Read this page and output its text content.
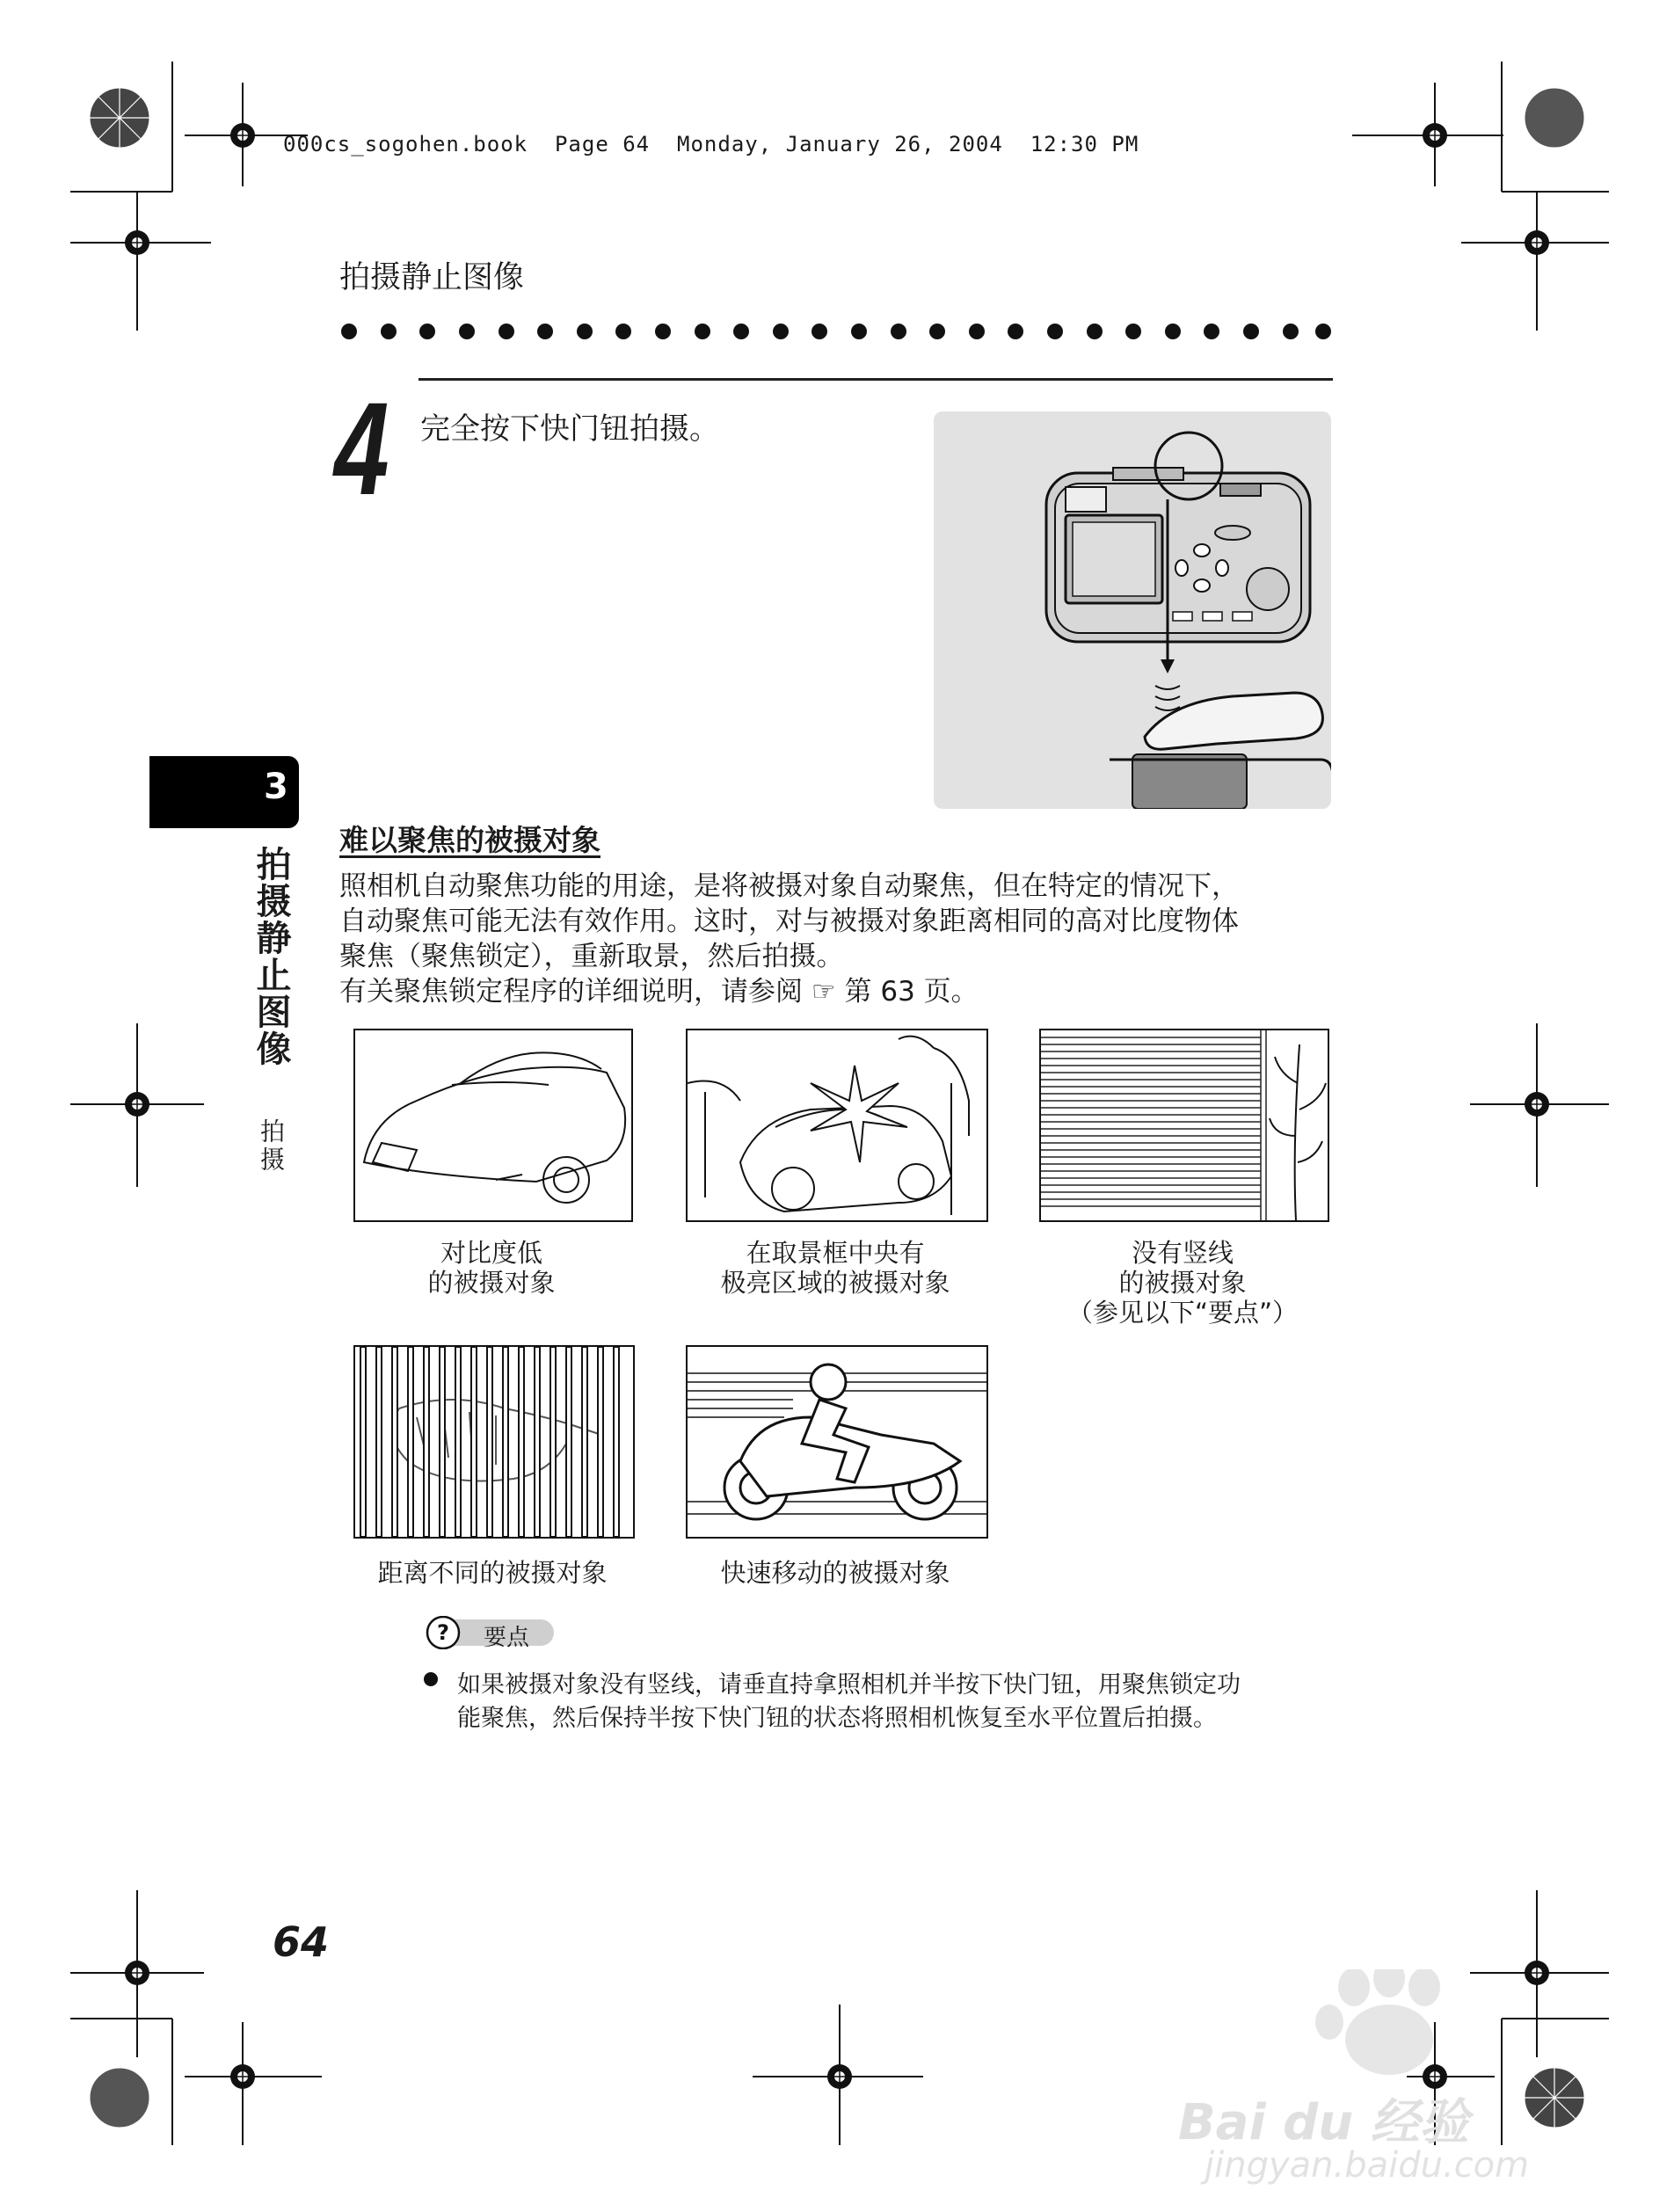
000cs_sogohen.book  Page 64  Monday, January 26, 2004  12:30 PM
拍摄静止图像
4 完全按下快门钮拍摄。
3
拍摄静止图像
拍摄
难以聚焦的被摄对象
照相机自动聚焦功能的用途，是将被摄对象自动聚焦，但在特定的情况下，
自动聚焦可能无法有效作用。这时，对与被摄对象距离相同的高对比度物体
聚焦（聚焦锁定），重新取景，然后拍摄。
有关聚焦锁定程序的详细说明，请参阅 ☞ 第 63 页。
对比度低
的被摄对象
在取景框中央有
极亮区域的被摄对象
没有竖线
的被摄对象
（参见以下“要点”）
距离不同的被摄对象	快速移动的被摄对象
? 要点
如果被摄对象没有竖线，请垂直持拿照相机并半按下快门钮，用聚焦锁定功
能聚焦，然后保持半按下快门钮的状态将照相机恢复至水平位置后拍摄。
64
Bai du 经验
jingyan.baidu.com
